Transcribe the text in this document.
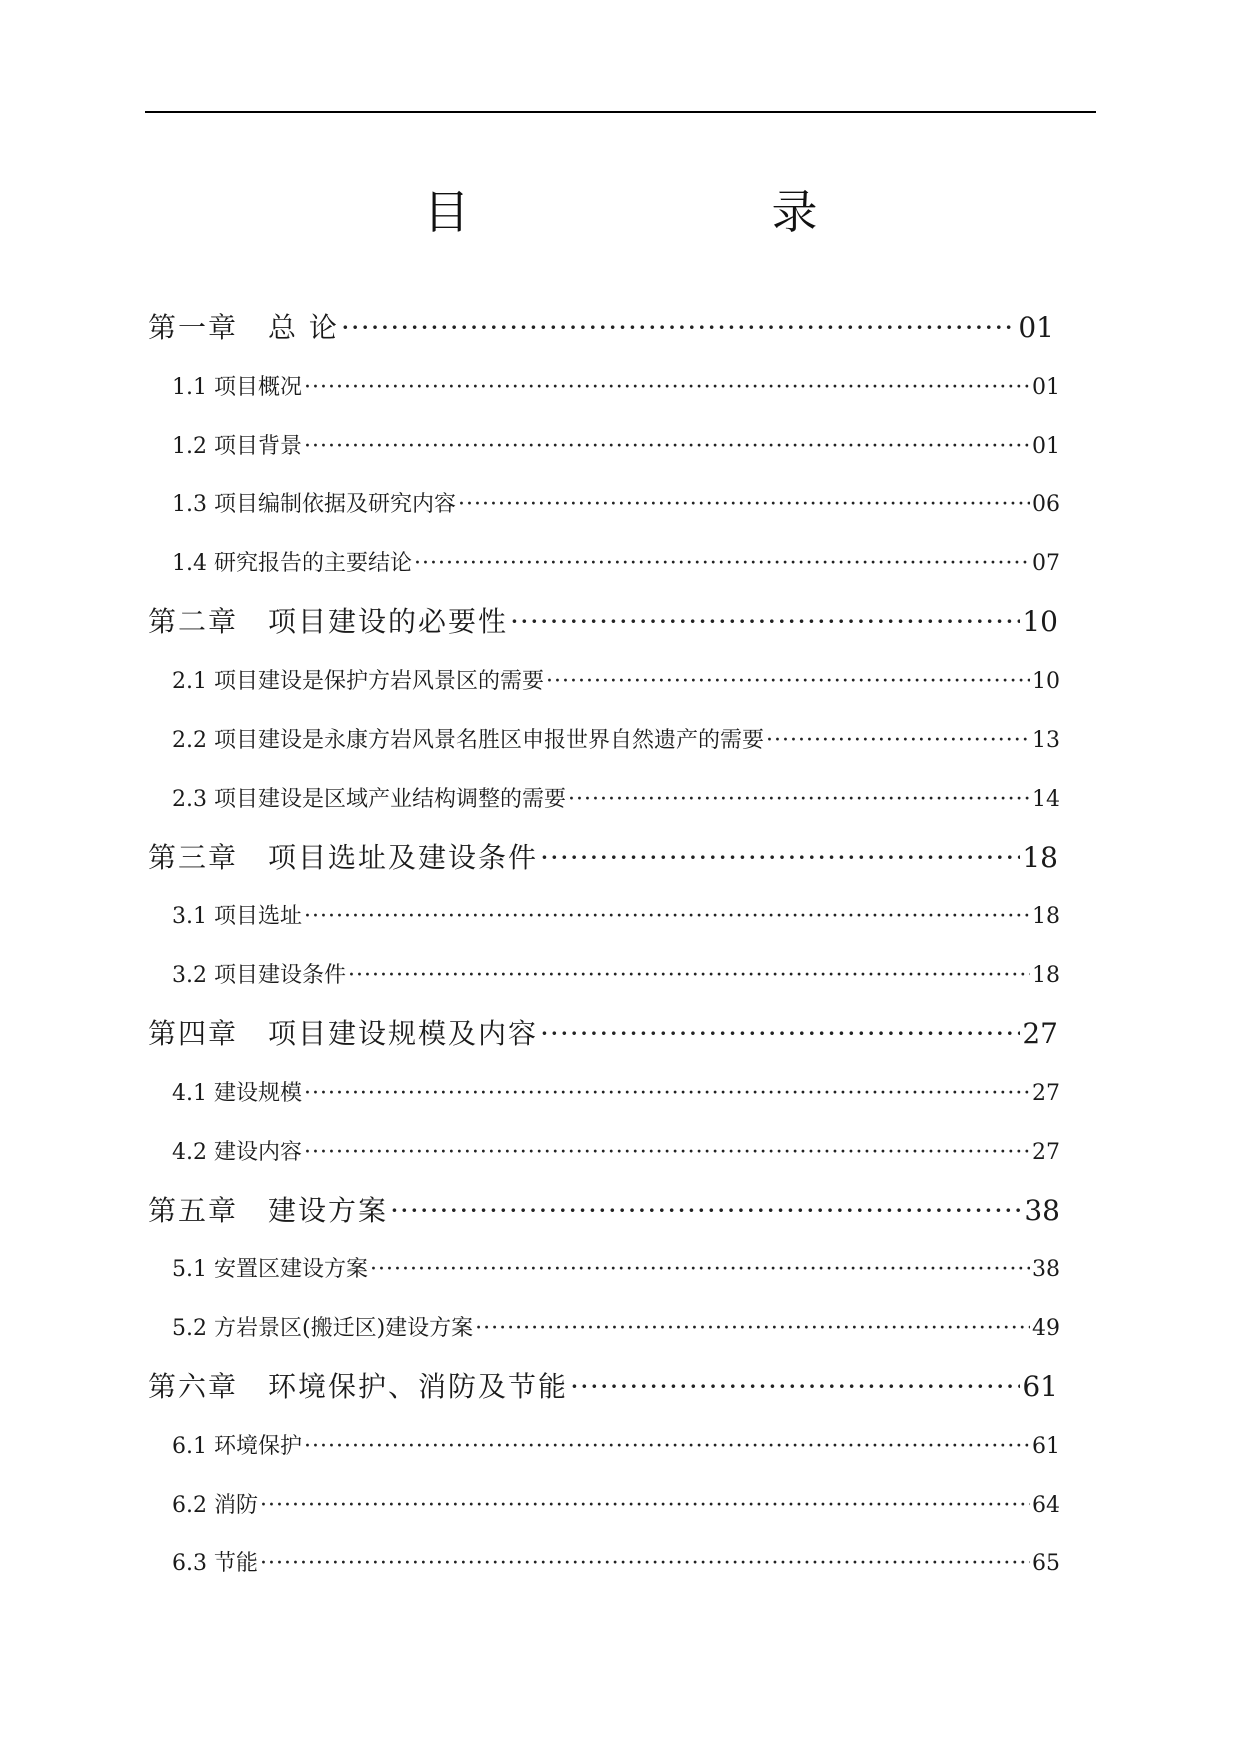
目　　录
第一章　总 论 ·····	01
1.1 项目概况 ·····	01
1.2 项目背景 ·····	01
1.3 项目编制依据及研究内容 ·····	06
1.4 研究报告的主要结论 ·····	07
第二章　项目建设的必要性 ·····	10
2.1 项目建设是保护方岩风景区的需要 ·····	10
2.2 项目建设是永康方岩风景名胜区申报世界自然遗产的需要 ·····	13
2.3 项目建设是区域产业结构调整的需要 ·····	14
第三章　项目选址及建设条件 ·····	18
3.1 项目选址 ·····	18
3.2 项目建设条件 ·····	18
第四章　项目建设规模及内容 ·····	27
4.1 建设规模 ·····	27
4.2 建设内容 ·····	27
第五章　建设方案 ·····	38
5.1 安置区建设方案 ·····	38
5.2 方岩景区(搬迁区)建设方案 ·····	49
第六章　环境保护、消防及节能 ·····	61
6.1 环境保护 ·····	61
6.2 消防 ·····	64
6.3 节能 ·····	65
